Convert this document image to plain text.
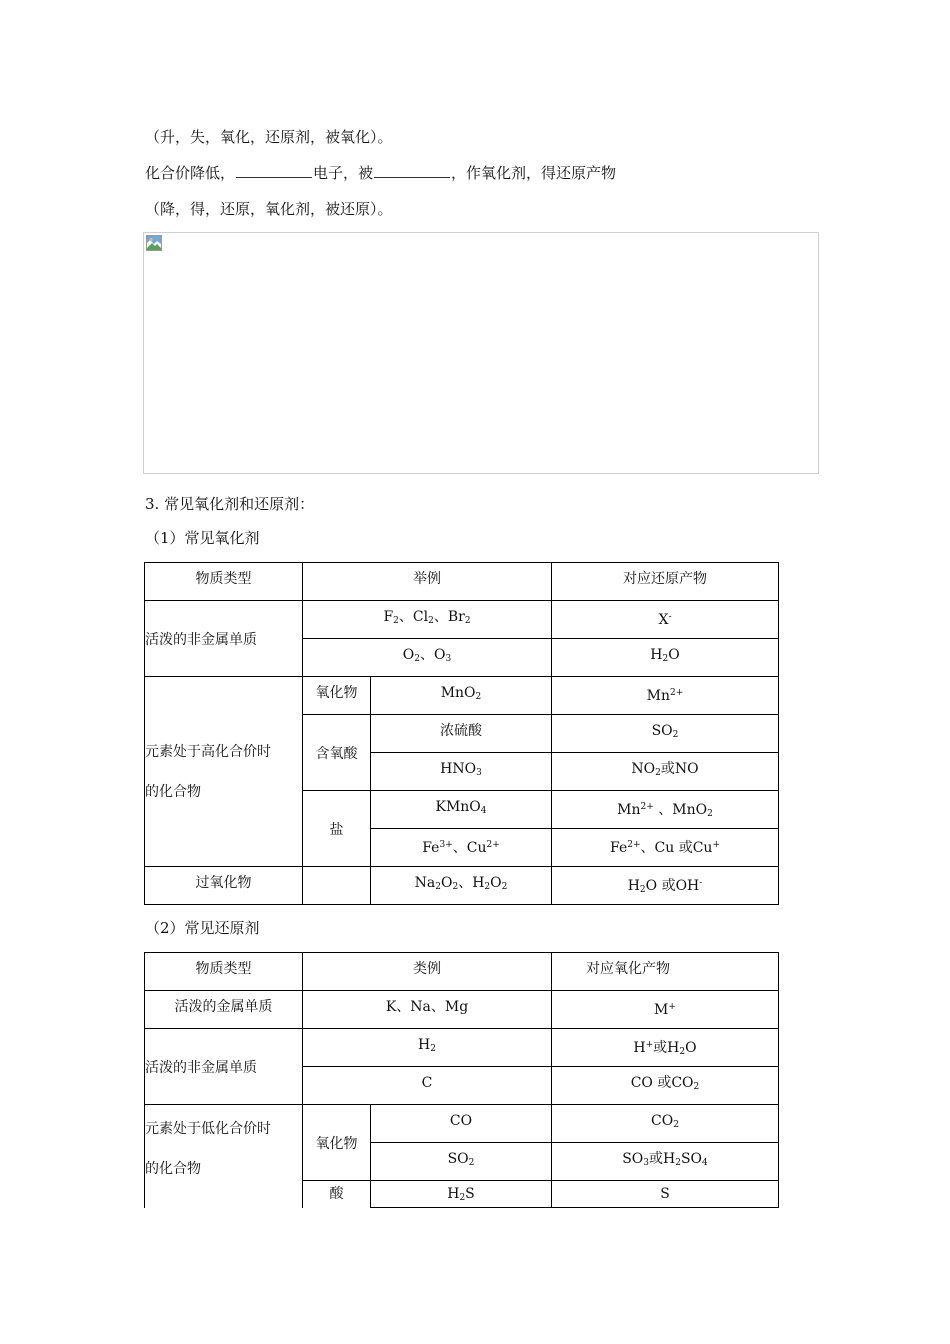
（升，失，氧化，还原剂，被氧化）。
化合价降低，	电子，被	，作氧化剂，得还原产物
（降，得，还原，氧化剂，被还原）。
3. 常见氧化剂和还原剂：
（1）常见氧化剂
物质类型	举例		对应还原产物

活泼的非金属单质	$F_2$、$Cl_2$、$Br_2$		X-

	$O_2$、$O_3$		$H_2O$

元素处于高化合价时
的化合物	氧化物	MnO$_2$	$Mn^{2+}$

	含氧酸	浓硫酸	$SO_2$

		$HNO_3$	$NO_2$或NO

	盐	KMnO$_4$	$Mn^{2+}$ 、MnO$_2$

		$Fe^{3+}$、$Cu^{2+}$	$Fe^{2+}$、Cu 或Cu+

过氧化物		$Na_2O_2$、$H_2O_2$	$H_2O$ 或OH-
（2）常见还原剂
物质类型	类例		对应氧化产物

活泼的金属单质	K、Na、Mg		M+

活泼的非金属单质	$H_2$		H+或$H_2O$

	C		CO 或$CO_2$

元素处于低化合价时
的化合物	氧化物	CO	$CO_2$

		$SO_2$	$SO_3$或$H_2SO_4$

	酸	$H_2S$	S
